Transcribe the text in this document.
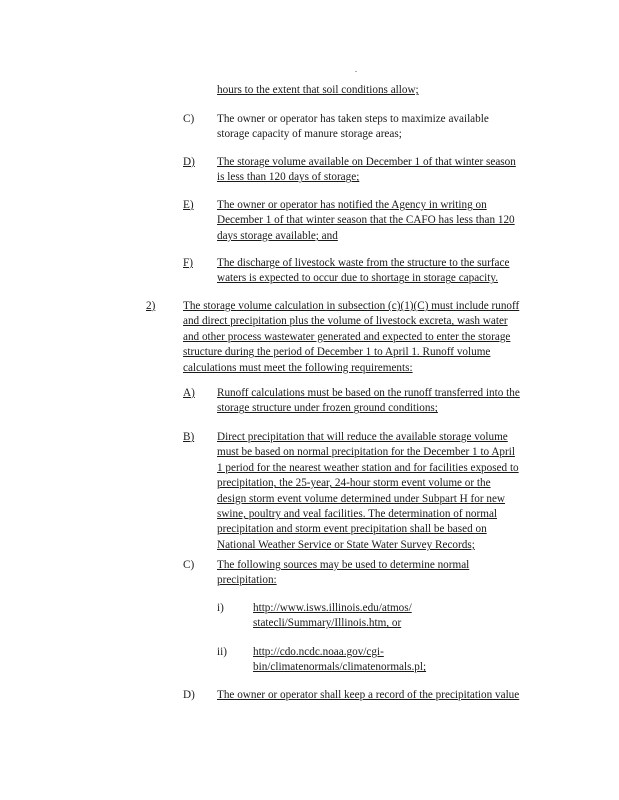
.
hours to the extent that soil conditions allow;
C) The owner or operator has taken steps to maximize available
storage capacity of manure storage areas;
D) The storage volume available on December 1 of that winter season
is less than 120 days of storage;
E) The owner or operator has notified the Agency in writing on
December 1 of that winter season that the CAFO has less than 120
days storage available; and
F) The discharge of livestock waste from the structure to the surface
waters is expected to occur due to shortage in storage capacity.
2) The storage volume calculation in subsection (c)(1)(C) must include runoff
and direct precipitation plus the volume of livestock excreta, wash water
and other process wastewater generated and expected to enter the storage
structure during the period of December 1 to April 1. Runoff volume
calculations must meet the following requirements:
A) Runoff calculations must be based on the runoff transferred into the
storage structure under frozen ground conditions;
B) Direct precipitation that will reduce the available storage volume
must be based on normal precipitation for the December 1 to April
1 period for the nearest weather station and for facilities exposed to
precipitation, the 25-year, 24-hour storm event volume or the
design storm event volume determined under Subpart H for new
swine, poultry and veal facilities. The determination of normal
precipitation and storm event precipitation shall be based on
National Weather Service or State Water Survey Records;
C) The following sources may be used to determine normal
precipitation:
i)	http://www.isws.illinois.edu/atmos/
statecli/Summary/Illinois.htm, or
ii) http://cdo.ncdc.noaa.gov/cgi-
bin/climatenormals/climatenormals.pl;
D) The owner or operator shall keep a record of the precipitation value
